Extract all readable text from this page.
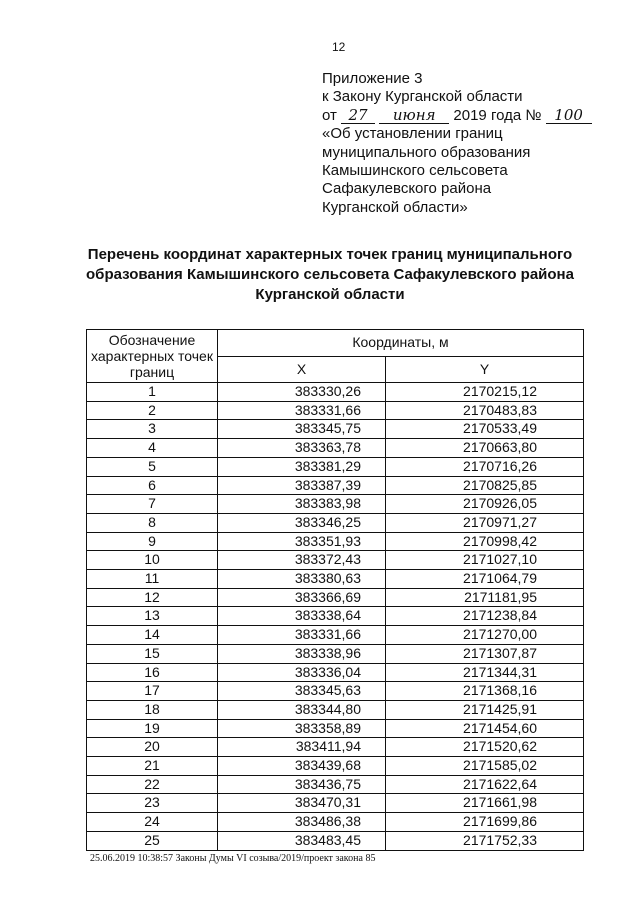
12
Приложение 3
к Закону Курганской области
от 27 июня 2019 года № 100
«Об установлении границ
муниципального образования
Камышинского сельсовета
Сафакулевского района
Курганской области»
Перечень координат характерных точек границ муниципального образования Камышинского сельсовета Сафакулевского района Курганской области
Обозначение характерных точек границ	Координаты, м	
	X	Y
1	383330,26	2170215,12
2	383331,66	2170483,83
3	383345,75	2170533,49
4	383363,78	2170663,80
5	383381,29	2170716,26
6	383387,39	2170825,85
7	383383,98	2170926,05
8	383346,25	2170971,27
9	383351,93	2170998,42
10	383372,43	2171027,10
11	383380,63	2171064,79
12	383366,69	2171181,95
13	383338,64	2171238,84
14	383331,66	2171270,00
15	383338,96	2171307,87
16	383336,04	2171344,31
17	383345,63	2171368,16
18	383344,80	2171425,91
19	383358,89	2171454,60
20	383411,94	2171520,62
21	383439,68	2171585,02
22	383436,75	2171622,64
23	383470,31	2171661,98
24	383486,38	2171699,86
25	383483,45	2171752,33
25.06.2019 10:38:57 Законы Думы VI созыва/2019/проект закона 85
